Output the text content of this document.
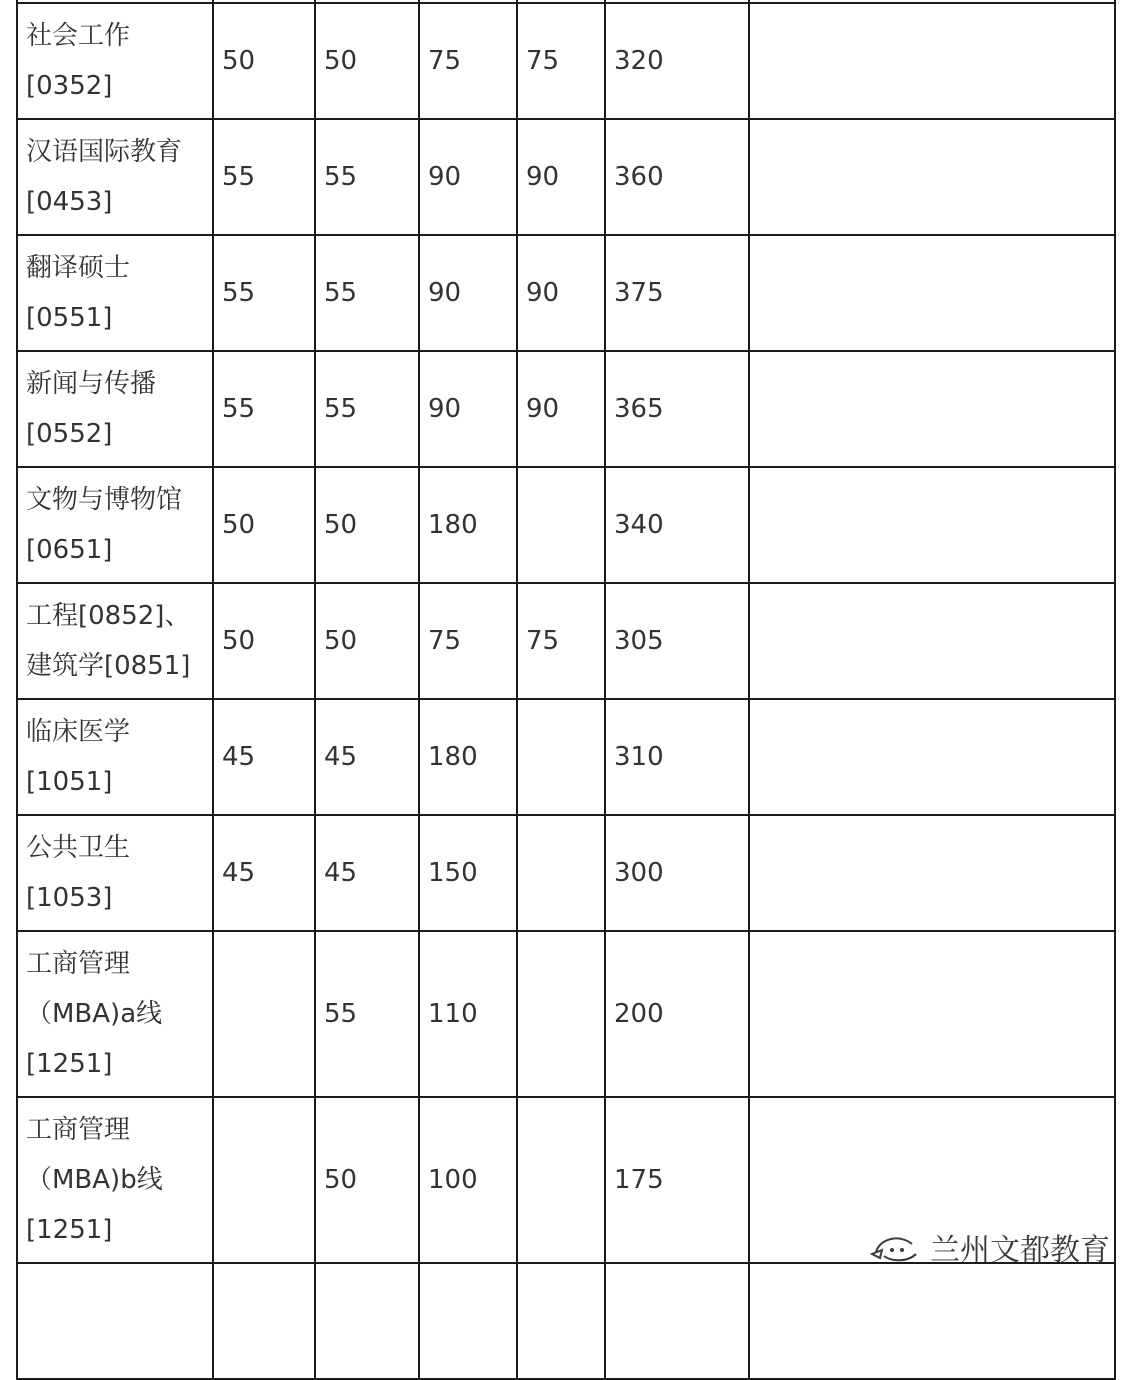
社会工作
[0352]	50	50	75	75	320	

汉语国际教育
[0453]	55	55	90	90	360	

翻译硕士
[0551]	55	55	90	90	375	

新闻与传播
[0552]	55	55	90	90	365	

文物与博物馆
[0651]	50	50	180		340	

工程[0852]、
建筑学[0851]	50	50	75	75	305	

临床医学
[1051]	45	45	180		310	

公共卫生
[1053]	45	45	150		300	

工商管理
（MBA)a线
[1251]		55	110		200	

工商管理
（MBA)b线
[1251]		50	100		175	

兰州文都教育
